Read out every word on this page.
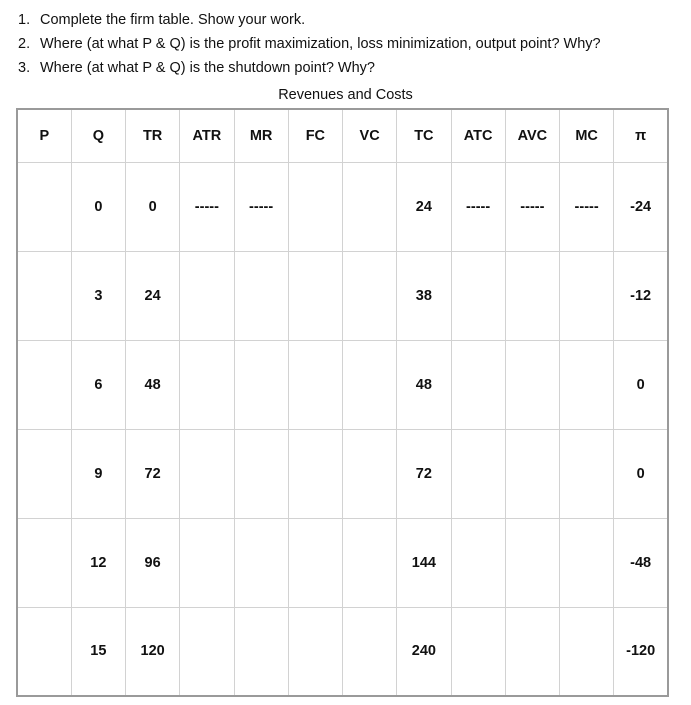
1. Complete the firm table. Show your work.
2. Where (at what P & Q) is the profit maximization, loss minimization, output point? Why?
3. Where (at what P & Q) is the shutdown point? Why?
Revenues and Costs
P	Q	TR	ATR	MR	FC	VC	TC	ATC	AVC	MC	π
	0	0	-----	-----			24	-----	-----	-----	-24
	3	24					38				-12
	6	48					48				0
	9	72					72				0
	12	96					144				-48
	15	120					240				-120
